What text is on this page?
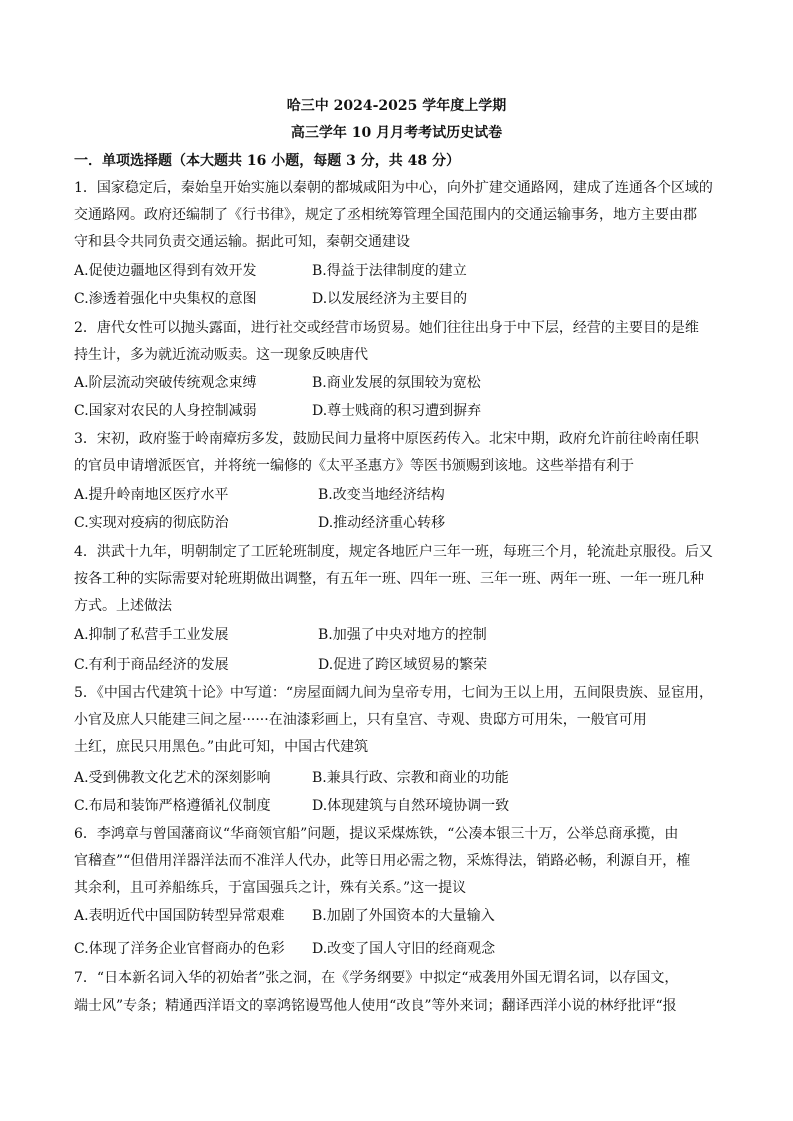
哈三中 2024-2025 学年度上学期
高三学年 10 月月考考试历史试卷
一．单项选择题（本大题共 16 小题，每题 3 分，共 48 分）
1．国家稳定后，秦始皇开始实施以秦朝的都城咸阳为中心，向外扩建交通路网，建成了连通各个区域的
交通路网。政府还编制了《行书律》，规定了丞相统筹管理全国范围内的交通运输事务，地方主要由郡
守和县令共同负责交通运输。据此可知，秦朝交通建设
A.促使边疆地区得到有效开发	B.得益于法律制度的建立
C.渗透着强化中央集权的意图	D.以发展经济为主要目的
2．唐代女性可以抛头露面，进行社交或经营市场贸易。她们往往出身于中下层，经营的主要目的是维
持生计，多为就近流动贩卖。这一现象反映唐代
A.阶层流动突破传统观念束缚	B.商业发展的氛围较为宽松
C.国家对农民的人身控制减弱	D.尊士贱商的积习遭到摒弃
3．宋初，政府鉴于岭南瘴疠多发，鼓励民间力量将中原医药传入。北宋中期，政府允许前往岭南任职
的官员申请增派医官，并将统一编修的《太平圣惠方》等医书颁赐到该地。这些举措有利于
A.提升岭南地区医疗水平	B.改变当地经济结构
C.实现对疫病的彻底防治	D.推动经济重心转移
4．洪武十九年，明朝制定了工匠轮班制度，规定各地匠户三年一班，每班三个月，轮流赴京服役。后又
按各工种的实际需要对轮班期做出调整，有五年一班、四年一班、三年一班、两年一班、一年一班几种
方式。上述做法
A.抑制了私营手工业发展	B.加强了中央对地方的控制
C.有利于商品经济的发展	D.促进了跨区域贸易的繁荣
5．《中国古代建筑十论》中写道：“房屋面阔九间为皇帝专用，七间为王以上用，五间限贵族、显宦用，
小官及庶人只能建三间之屋······在油漆彩画上，只有皇宫、寺观、贵邸方可用朱，一般官可用
土红，庶民只用黑色。”由此可知，中国古代建筑
A.受到佛教文化艺术的深刻影响	B.兼具行政、宗教和商业的功能
C.布局和装饰严格遵循礼仪制度	D.体现建筑与自然环境协调一致
6．李鸿章与曾国藩商议“华商领官船”问题，提议采煤炼铁，“公凑本银三十万，公举总商承揽，由
官稽查”“但借用洋器洋法而不准洋人代办，此等日用必需之物，采炼得法，销路必畅，利源自开，榷
其余利，且可养船练兵，于富国强兵之计，殊有关系。”这一提议
A.表明近代中国国防转型异常艰难 B.加剧了外国资本的大量输入
C.体现了洋务企业官督商办的色彩 D.改变了国人守旧的经商观念
7．“日本新名词入华的初始者”张之洞，在《学务纲要》中拟定“戒袭用外国无谓名词，以存国文，
端士风”专条；精通西洋语文的辜鸿铭谩骂他人使用“改良”等外来词；翻译西洋小说的林纾批评“报
